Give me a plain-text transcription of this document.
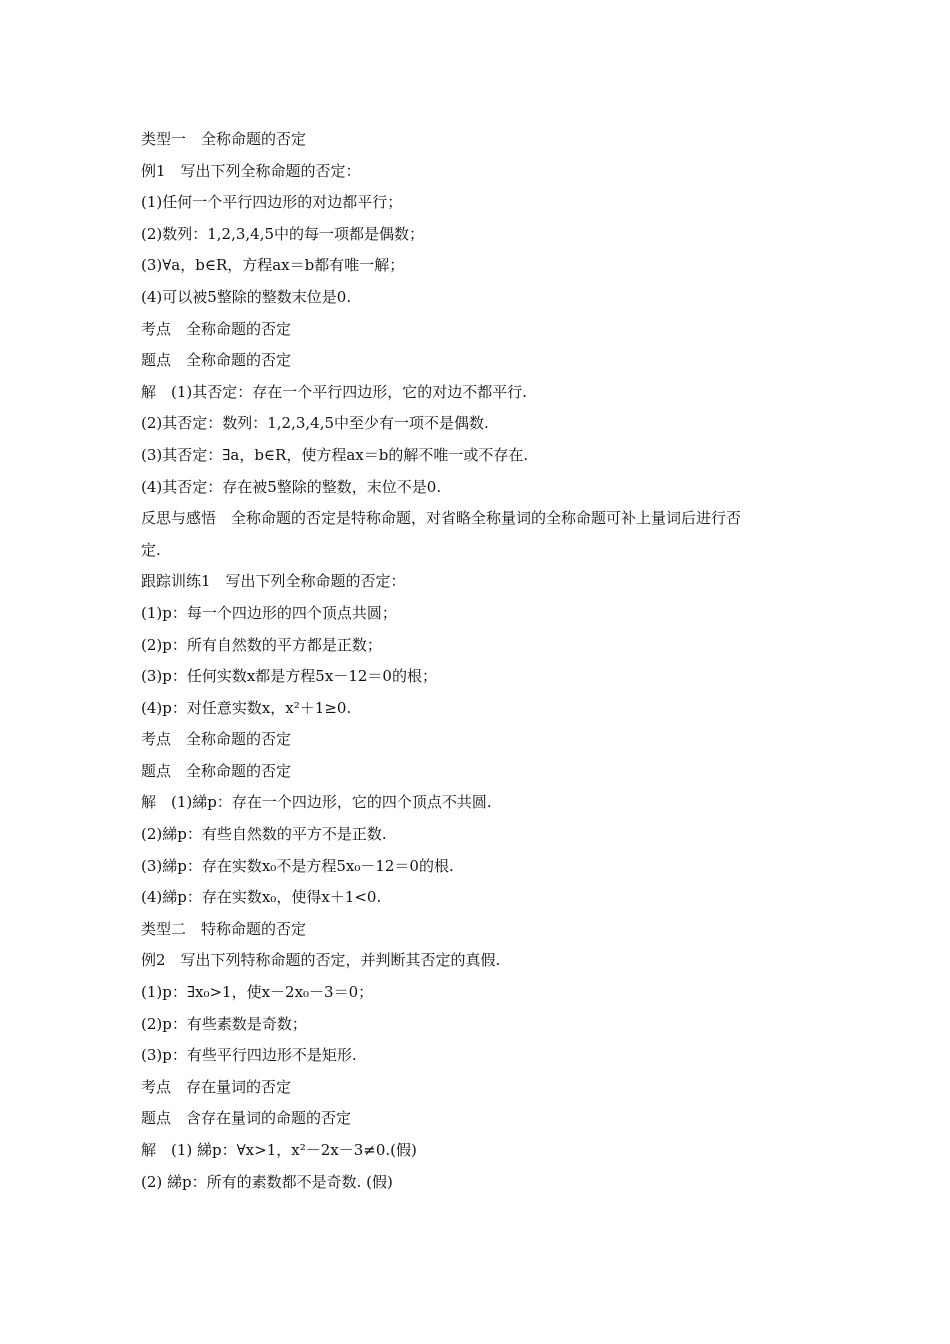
类型一　全称命题的否定
例1　写出下列全称命题的否定：
(1)任何一个平行四边形的对边都平行；
(2)数列：1,2,3,4,5中的每一项都是偶数；
(3)∀a，b∈R，方程ax＝b都有唯一解；
(4)可以被5整除的整数末位是0.
考点　全称命题的否定
题点　全称命题的否定
解　(1)其否定：存在一个平行四边形，它的对边不都平行.
(2)其否定：数列：1,2,3,4,5中至少有一项不是偶数.
(3)其否定：∃a，b∈R，使方程ax＝b的解不唯一或不存在.
(4)其否定：存在被5整除的整数，末位不是0.
反思与感悟　全称命题的否定是特称命题，对省略全称量词的全称命题可补上量词后进行否
定.
跟踪训练1　写出下列全称命题的否定：
(1)p：每一个四边形的四个顶点共圆；
(2)p：所有自然数的平方都是正数；
(3)p：任何实数x都是方程5x－12＝0的根；
(4)p：对任意实数x，x²＋1≥0.
考点　全称命题的否定
题点　全称命题的否定
解　(1)綈p：存在一个四边形，它的四个顶点不共圆.
(2)綈p：有些自然数的平方不是正数.
(3)綈p：存在实数x₀不是方程5x₀－12＝0的根.
(4)綈p：存在实数x₀，使得x＋1<0.
类型二　特称命题的否定
例2　写出下列特称命题的否定，并判断其否定的真假.
(1)p：∃x₀>1，使x－2x₀－3＝0；
(2)p：有些素数是奇数；
(3)p：有些平行四边形不是矩形.
考点　存在量词的否定
题点　含存在量词的命题的否定
解　(1) 綈p：∀x>1，x²－2x－3≠0.(假)
(2) 綈p：所有的素数都不是奇数. (假)
